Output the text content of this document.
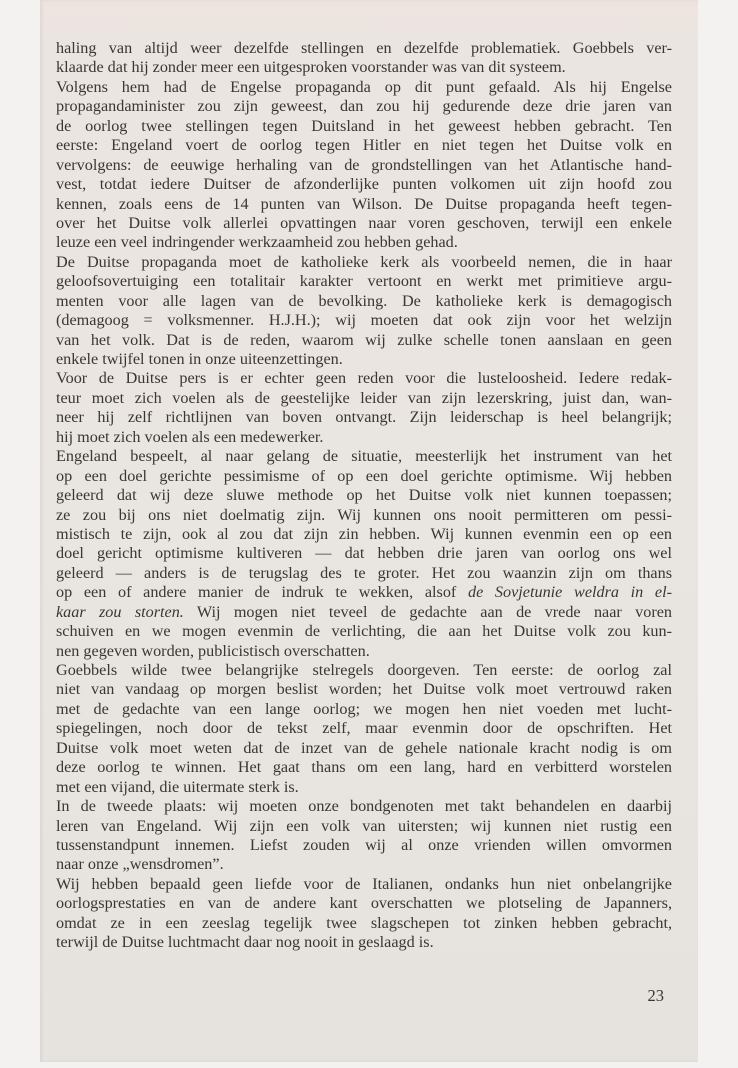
haling van altijd weer dezelfde stellingen en dezelfde problematiek. Goebbels ver-
klaarde dat hij zonder meer een uitgesproken voorstander was van dit systeem.
Volgens hem had de Engelse propaganda op dit punt gefaald. Als hij Engelse
propagandaminister zou zijn geweest, dan zou hij gedurende deze drie jaren van
de oorlog twee stellingen tegen Duitsland in het geweest hebben gebracht. Ten
eerste: Engeland voert de oorlog tegen Hitler en niet tegen het Duitse volk en
vervolgens: de eeuwige herhaling van de grondstellingen van het Atlantische hand-
vest, totdat iedere Duitser de afzonderlijke punten volkomen uit zijn hoofd zou
kennen, zoals eens de 14 punten van Wilson. De Duitse propaganda heeft tegen-
over het Duitse volk allerlei opvattingen naar voren geschoven, terwijl een enkele
leuze een veel indringender werkzaamheid zou hebben gehad.
De Duitse propaganda moet de katholieke kerk als voorbeeld nemen, die in haar
geloofsovertuiging een totalitair karakter vertoont en werkt met primitieve argu-
menten voor alle lagen van de bevolking. De katholieke kerk is demagogisch
(demagoog = volksmenner. H.J.H.); wij moeten dat ook zijn voor het welzijn
van het volk. Dat is de reden, waarom wij zulke schelle tonen aanslaan en geen
enkele twijfel tonen in onze uiteenzettingen.
Voor de Duitse pers is er echter geen reden voor die lusteloosheid. Iedere redak-
teur moet zich voelen als de geestelijke leider van zijn lezerskring, juist dan, wan-
neer hij zelf richtlijnen van boven ontvangt. Zijn leiderschap is heel belangrijk;
hij moet zich voelen als een medewerker.
Engeland bespeelt, al naar gelang de situatie, meesterlijk het instrument van het
op een doel gerichte pessimisme of op een doel gerichte optimisme. Wij hebben
geleerd dat wij deze sluwe methode op het Duitse volk niet kunnen toepassen;
ze zou bij ons niet doelmatig zijn. Wij kunnen ons nooit permitteren om pessi-
mistisch te zijn, ook al zou dat zijn zin hebben. Wij kunnen evenmin een op een
doel gericht optimisme kultiveren — dat hebben drie jaren van oorlog ons wel
geleerd — anders is de terugslag des te groter. Het zou waanzin zijn om thans
op een of andere manier de indruk te wekken, alsof de Sovjetunie weldra in el-
kaar zou storten. Wij mogen niet teveel de gedachte aan de vrede naar voren
schuiven en we mogen evenmin de verlichting, die aan het Duitse volk zou kun-
nen gegeven worden, publicistisch overschatten.
Goebbels wilde twee belangrijke stelregels doorgeven. Ten eerste: de oorlog zal
niet van vandaag op morgen beslist worden; het Duitse volk moet vertrouwd raken
met de gedachte van een lange oorlog; we mogen hen niet voeden met lucht-
spiegelingen, noch door de tekst zelf, maar evenmin door de opschriften. Het
Duitse volk moet weten dat de inzet van de gehele nationale kracht nodig is om
deze oorlog te winnen. Het gaat thans om een lang, hard en verbitterd worstelen
met een vijand, die uitermate sterk is.
In de tweede plaats: wij moeten onze bondgenoten met takt behandelen en daarbij
leren van Engeland. Wij zijn een volk van uitersten; wij kunnen niet rustig een
tussenstandpunt innemen. Liefst zouden wij al onze vrienden willen omvormen
naar onze „wensdromen”.
Wij hebben bepaald geen liefde voor de Italianen, ondanks hun niet onbelangrijke
oorlogsprestaties en van de andere kant overschatten we plotseling de Japanners,
omdat ze in een zeeslag tegelijk twee slagschepen tot zinken hebben gebracht,
terwijl de Duitse luchtmacht daar nog nooit in geslaagd is.
23
